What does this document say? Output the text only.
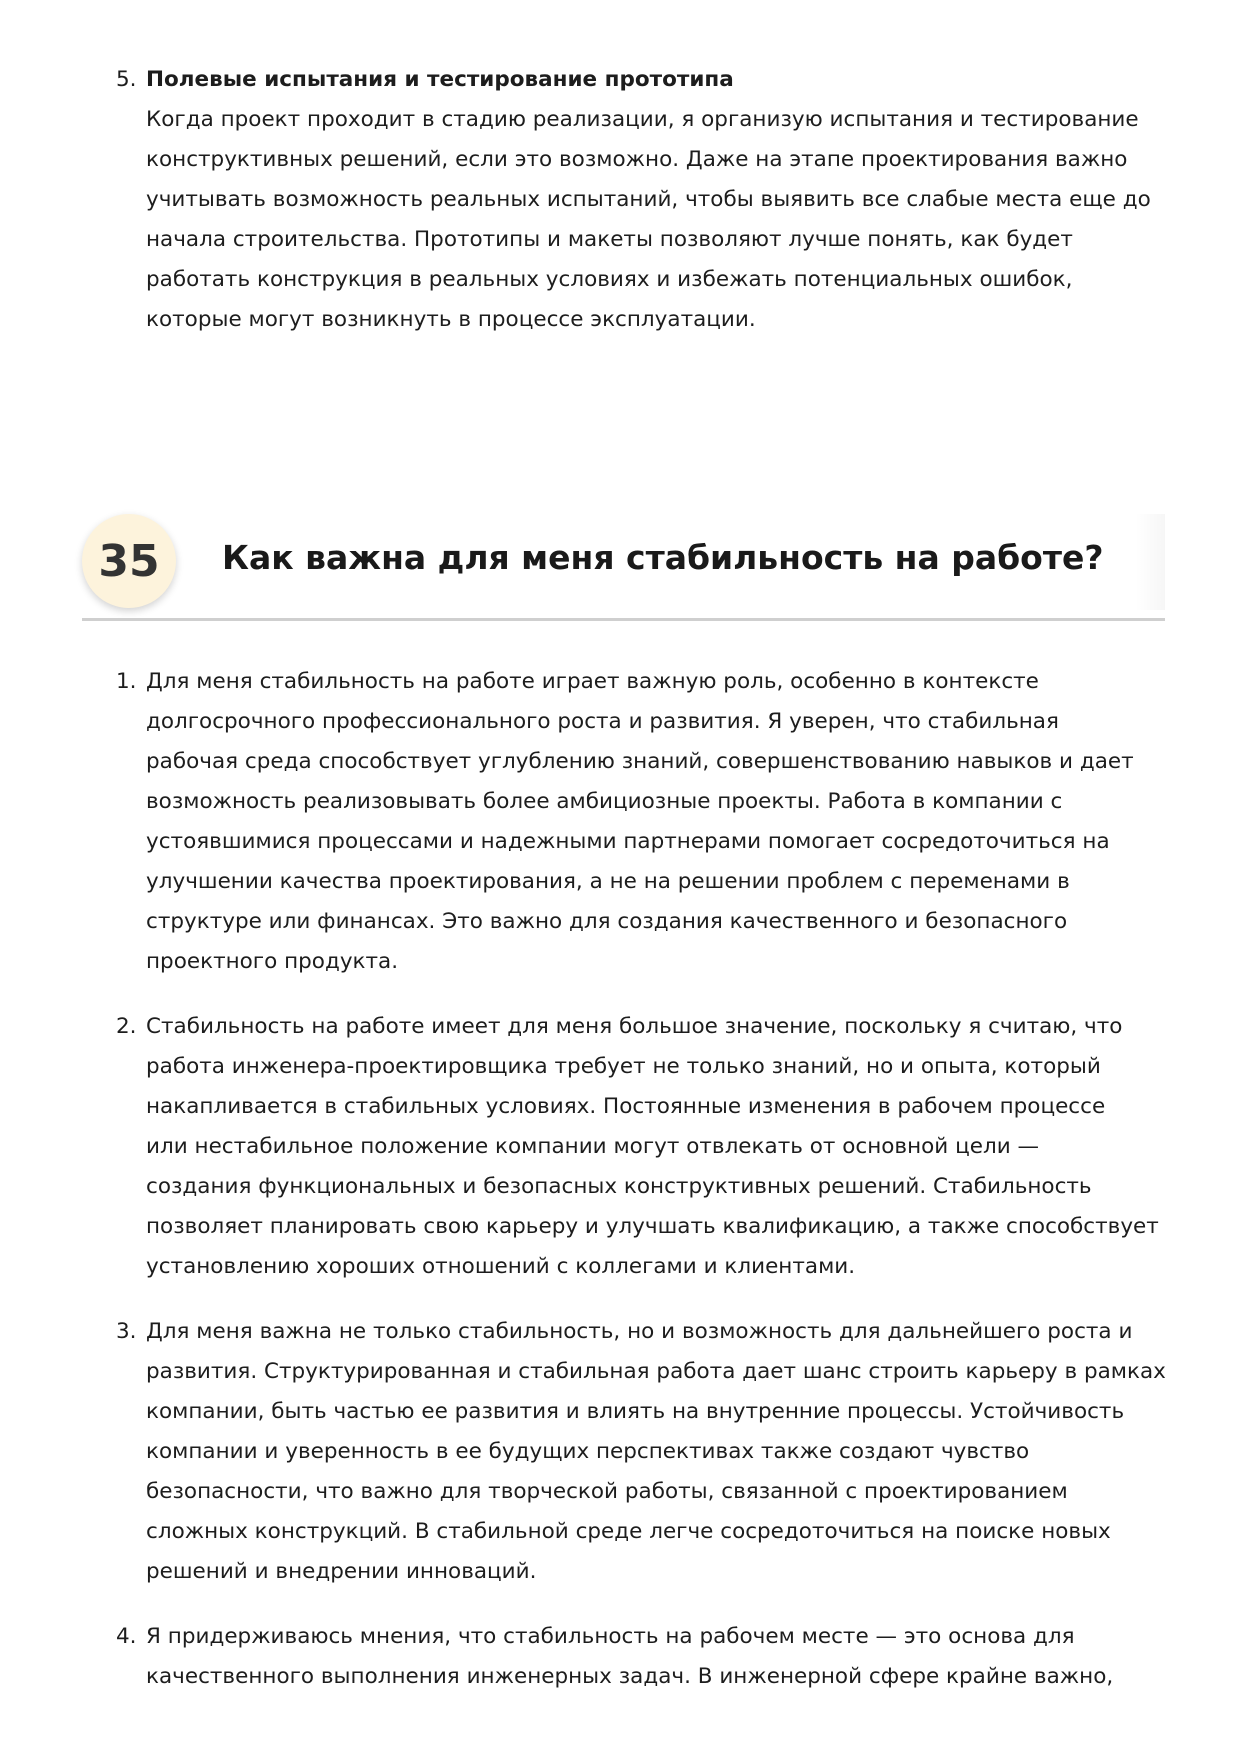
5. Полевые испытания и тестирование прототипа
Когда проект проходит в стадию реализации, я организую испытания и тестирование
конструктивных решений, если это возможно. Даже на этапе проектирования важно
учитывать возможность реальных испытаний, чтобы выявить все слабые места еще до
начала строительства. Прототипы и макеты позволяют лучше понять, как будет
работать конструкция в реальных условиях и избежать потенциальных ошибок,
которые могут возникнуть в процессе эксплуатации.
35	Как важна для меня стабильность на работе?
1. Для меня стабильность на работе играет важную роль, особенно в контексте
долгосрочного профессионального роста и развития. Я уверен, что стабильная
рабочая среда способствует углублению знаний, совершенствованию навыков и дает
возможность реализовывать более амбициозные проекты. Работа в компании с
устоявшимися процессами и надежными партнерами помогает сосредоточиться на
улучшении качества проектирования, а не на решении проблем с переменами в
структуре или финансах. Это важно для создания качественного и безопасного
проектного продукта.
2. Стабильность на работе имеет для меня большое значение, поскольку я считаю, что
работа инженера-проектировщика требует не только знаний, но и опыта, который
накапливается в стабильных условиях. Постоянные изменения в рабочем процессе
или нестабильное положение компании могут отвлекать от основной цели —
создания функциональных и безопасных конструктивных решений. Стабильность
позволяет планировать свою карьеру и улучшать квалификацию, а также способствует
установлению хороших отношений с коллегами и клиентами.
3. Для меня важна не только стабильность, но и возможность для дальнейшего роста и
развития. Структурированная и стабильная работа дает шанс строить карьеру в рамках
компании, быть частью ее развития и влиять на внутренние процессы. Устойчивость
компании и уверенность в ее будущих перспективах также создают чувство
безопасности, что важно для творческой работы, связанной с проектированием
сложных конструкций. В стабильной среде легче сосредоточиться на поиске новых
решений и внедрении инноваций.
4. Я придерживаюсь мнения, что стабильность на рабочем месте — это основа для
качественного выполнения инженерных задач. В инженерной сфере крайне важно,
